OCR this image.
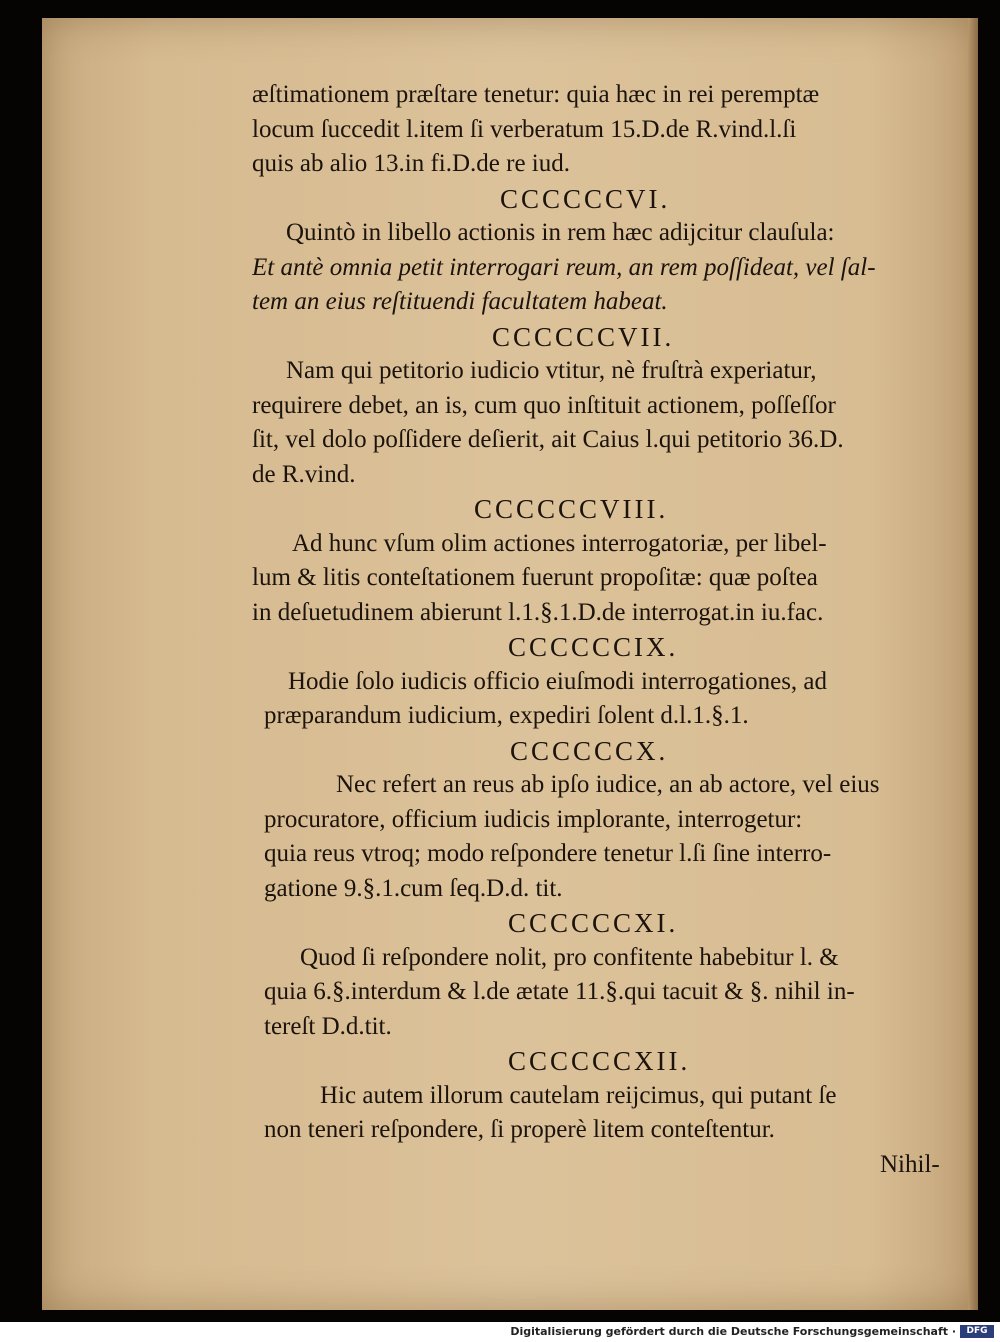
æſtimationem præſtare tenetur: quia hæc in rei peremptæ
locum ſuccedit l.item ſi verberatum 15.D.de R.vind.l.ſi
quis ab alio 13.in fi.D.de re iud.
CCCCCCVI.
Quintò in libello actionis in rem hæc adijcitur clauſula:
Et antè omnia petit interrogari reum, an rem poſſideat, vel ſal-
tem an eius reſtituendi facultatem habeat.
CCCCCCVII.
Nam qui petitorio iudicio vtitur, nè fruſtrà experiatur,
requirere debet, an is, cum quo inſtituit actionem, poſſeſſor
ſit, vel dolo poſſidere deſierit, ait Caius l.qui petitorio 36.D.
de R.vind.
CCCCCCVIII.
Ad hunc vſum olim actiones interrogatoriæ, per libel-
lum & litis conteſtationem fuerunt propoſitæ: quæ poſtea
in deſuetudinem abierunt l.1.§.1.D.de interrogat.in iu.fac.
CCCCCCIX.
Hodie ſolo iudicis officio eiuſmodi interrogationes, ad
præparandum iudicium, expediri ſolent d.l.1.§.1.
CCCCCCX.
Nec refert an reus ab ipſo iudice, an ab actore, vel eius
procuratore, officium iudicis implorante, interrogetur:
quia reus vtroq; modo reſpondere tenetur l.ſi ſine interro-
gatione 9.§.1.cum ſeq.D.d. tit.
CCCCCCXI.
Quod ſi reſpondere nolit, pro confitente habebitur l. &
quia 6.§.interdum & l.de ætate 11.§.qui tacuit & §. nihil in-
tereſt D.d.tit.
CCCCCCXII.
Hic autem illorum cautelam reijcimus, qui putant ſe
non teneri reſpondere, ſi properè litem conteſtentur.
Nihil-
Digitalisierung gefördert durch die Deutsche Forschungsgemeinschaft ·	DFG
